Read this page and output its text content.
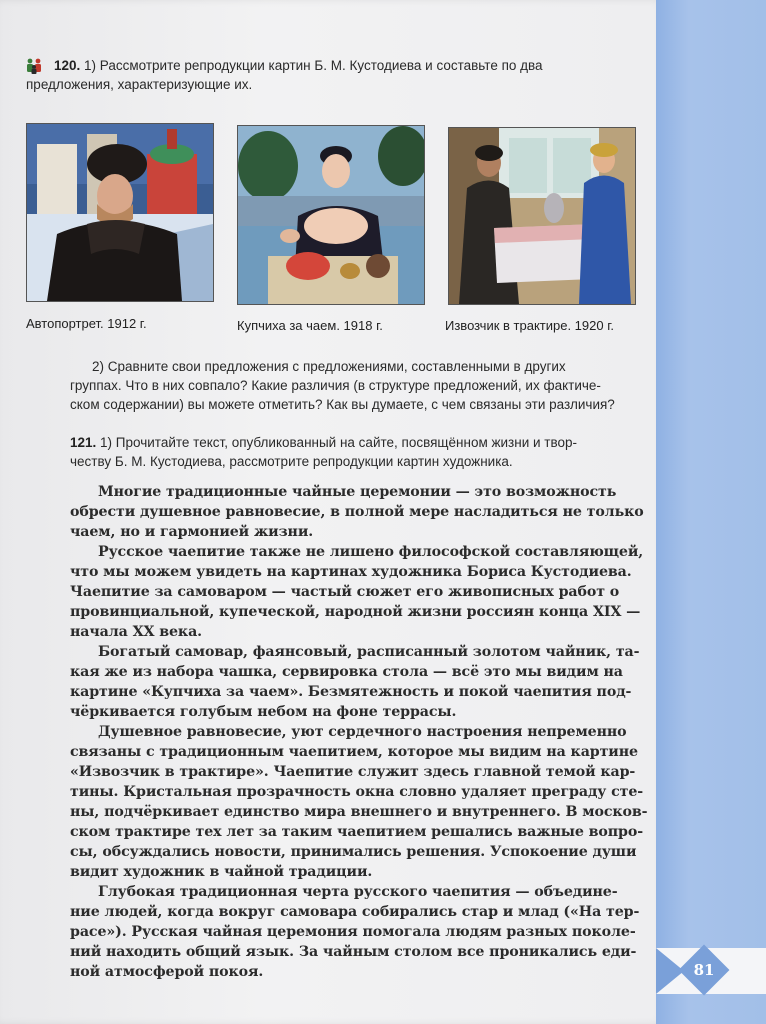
81
120. 1) Рассмотрите репродукции картин Б. М. Кустодиева и составьте по два
предложения, характеризующие их.
Автопортрет. 1912 г.	Купчиха за чаем. 1918 г.	Извозчик в трактире. 1920 г.
2) Сравните свои предложения с предложениями, составленными в других
группах. Что в них совпало? Какие различия (в структуре предложений, их фактиче-
ском содержании) вы можете отметить? Как вы думаете, с чем связаны эти различия?
121. 1) Прочитайте текст, опубликованный на сайте, посвящённом жизни и твор-
честву Б. М. Кустодиева, рассмотрите репродукции картин художника.
Многие традиционные чайные церемонии — это возможность
обрести душевное равновесие, в полной мере насладиться не только
чаем, но и гармонией жизни.
Русское чаепитие также не лишено философской составляющей,
что мы можем увидеть на картинах художника Бориса Кустодиева.
Чаепитие за самоваром — частый сюжет его живописных работ о
провинциальной, купеческой, народной жизни россиян конца XIX —
начала XX века.
Богатый самовар, фаянсовый, расписанный золотом чайник, та-
кая же из набора чашка, сервировка стола — всё это мы видим на
картине «Купчиха за чаем». Безмятежность и покой чаепития под-
чёркивается голубым небом на фоне террасы.
Душевное равновесие, уют сердечного настроения непременно
связаны с традиционным чаепитием, которое мы видим на картине
«Извозчик в трактире». Чаепитие служит здесь главной темой кар-
тины. Кристальная прозрачность окна словно удаляет преграду сте-
ны, подчёркивает единство мира внешнего и внутреннего. В москов-
ском трактире тех лет за таким чаепитием решались важные вопро-
сы, обсуждались новости, принимались решения. Успокоение души
видит художник в чайной традиции.
Глубокая традиционная черта русского чаепития — объедине-
ние людей, когда вокруг самовара собирались стар и млад («На тер-
расе»). Русская чайная церемония помогала людям разных поколе-
ний находить общий язык. За чайным столом все проникались еди-
ной атмосферой покоя.
